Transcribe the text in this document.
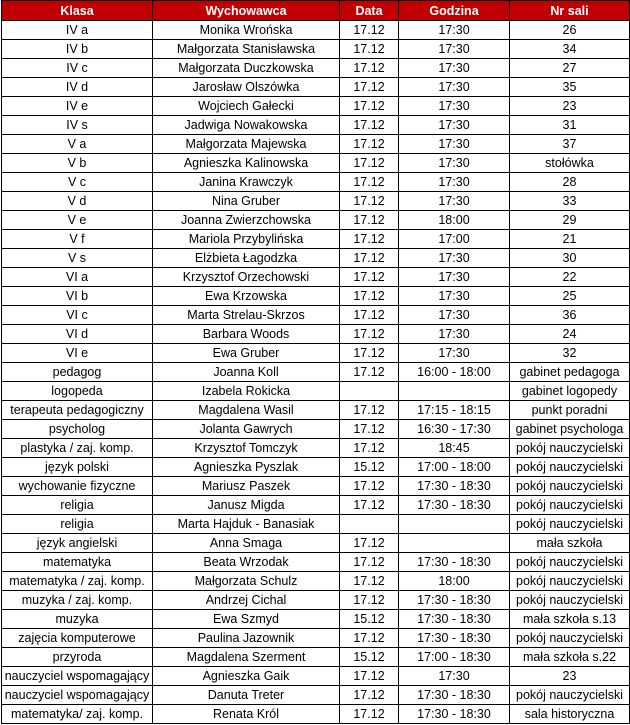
Klasa	Wychowawca	Data	Godzina	Nr sali
IV a	Monika Wrońska	17.12	17:30	26
IV b	Małgorzata Stanisławska	17.12	17:30	34
IV c	Małgorzata Duczkowska	17.12	17:30	27
IV d	Jarosław Olszówka	17.12	17:30	35
IV e	Wojciech Gałecki	17.12	17:30	23
IV s	Jadwiga Nowakowska	17.12	17:30	31
V a	Małgorzata Majewska	17.12	17:30	37
V b	Agnieszka Kalinowska	17.12	17:30	stołówka
V c	Janina Krawczyk	17.12	17:30	28
V d	Nina Gruber	17.12	17:30	33
V e	Joanna Zwierzchowska	17.12	18:00	29
V f	Mariola Przybylińska	17.12	17:00	21
V s	Elżbieta Łagodzka	17.12	17:30	30
VI a	Krzysztof Orzechowski	17.12	17:30	22
VI b	Ewa Krzowska	17.12	17:30	25
VI c	Marta Strelau-Skrzos	17.12	17:30	36
VI d	Barbara Woods	17.12	17:30	24
VI e	Ewa Gruber	17.12	17:30	32
pedagog	Joanna Koll	17.12	16:00 - 18:00	gabinet pedagoga
logopeda	Izabela Rokicka			gabinet logopedy
terapeuta pedagogiczny	Magdalena Wasil	17.12	17:15 - 18:15	punkt poradni
psycholog	Jolanta Gawrych	17.12	16:30 - 17:30	gabinet psychologa
plastyka / zaj. komp.	Krzysztof Tomczyk	17.12	18:45	pokój nauczycielski
język polski	Agnieszka Pyszlak	15.12	17:00 - 18:00	pokój nauczycielski
wychowanie fizyczne	Mariusz Paszek	17.12	17:30 - 18:30	pokój nauczycielski
religia	Janusz Migda	17.12	17:30 - 18:30	pokój nauczycielski
religia	Marta Hajduk - Banasiak			pokój nauczycielski
język angielski	Anna Smaga	17.12		mała szkoła
matematyka	Beata Wrzodak	17.12	17:30 - 18:30	pokój nauczycielski
matematyka / zaj. komp.	Małgorzata Schulz	17.12	18:00	pokój nauczycielski
muzyka / zaj. komp.	Andrzej Cichal	17.12	17:30 - 18:30	pokój nauczycielski
muzyka	Ewa Szmyd	15.12	17:30 - 18:30	mała szkoła s.13
zajęcia komputerowe	Paulina Jazownik	17.12	17:30 - 18:30	pokój nauczycielski
przyroda	Magdalena Szerment	15.12	17:00 - 18:30	mała szkoła s.22
nauczyciel wspomagający	Agnieszka Gaik	17.12	17:30	23
nauczyciel wspomagający	Danuta Treter	17.12	17:30 - 18:30	pokój nauczycielski
matematyka/ zaj. komp.	Renata Król	17.12	17:30 - 18:30	sala historyczna
